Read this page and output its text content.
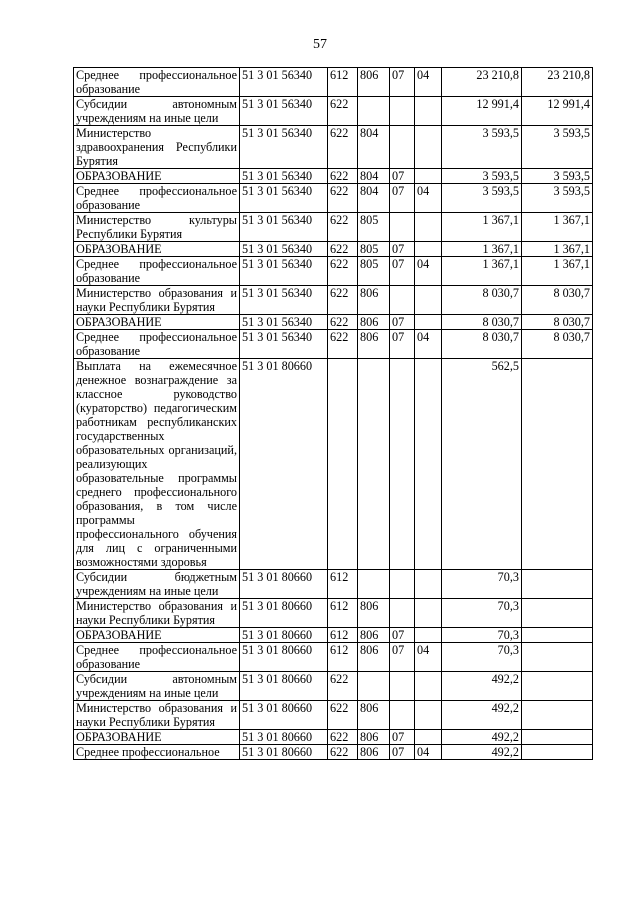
57
Среднее профессиональное образование	51 3 01 56340	612	806	07	04	23 210,8	23 210,8
Субсидии автономным учреждениям на иные цели	51 3 01 56340	622				12 991,4	12 991,4
Министерство здравоохранения Республики Бурятия	51 3 01 56340	622	804			3 593,5	3 593,5
ОБРАЗОВАНИЕ	51 3 01 56340	622	804	07		3 593,5	3 593,5
Среднее профессиональное образование	51 3 01 56340	622	804	07	04	3 593,5	3 593,5
Министерство культуры Республики Бурятия	51 3 01 56340	622	805			1 367,1	1 367,1
ОБРАЗОВАНИЕ	51 3 01 56340	622	805	07		1 367,1	1 367,1
Среднее профессиональное образование	51 3 01 56340	622	805	07	04	1 367,1	1 367,1
Министерство образования и науки Республики Бурятия	51 3 01 56340	622	806			8 030,7	8 030,7
ОБРАЗОВАНИЕ	51 3 01 56340	622	806	07		8 030,7	8 030,7
Среднее профессиональное образование	51 3 01 56340	622	806	07	04	8 030,7	8 030,7
Выплата на ежемесячное денежное вознаграждение за классное руководство (кураторство) педагогическим работникам республиканских государственных образовательных организаций, реализующих образовательные программы среднего профессионального образования, в том числе программы профессионального обучения для лиц с ограниченными возможностями здоровья	51 3 01 80660					562,5	
Субсидии бюджетным учреждениям на иные цели	51 3 01 80660	612				70,3	
Министерство образования и науки Республики Бурятия	51 3 01 80660	612	806			70,3	
ОБРАЗОВАНИЕ	51 3 01 80660	612	806	07		70,3	
Среднее профессиональное образование	51 3 01 80660	612	806	07	04	70,3	
Субсидии автономным учреждениям на иные цели	51 3 01 80660	622				492,2	
Министерство образования и науки Республики Бурятия	51 3 01 80660	622	806			492,2	
ОБРАЗОВАНИЕ	51 3 01 80660	622	806	07		492,2	
Среднее профессиональное	51 3 01 80660	622	806	07	04	492,2	
